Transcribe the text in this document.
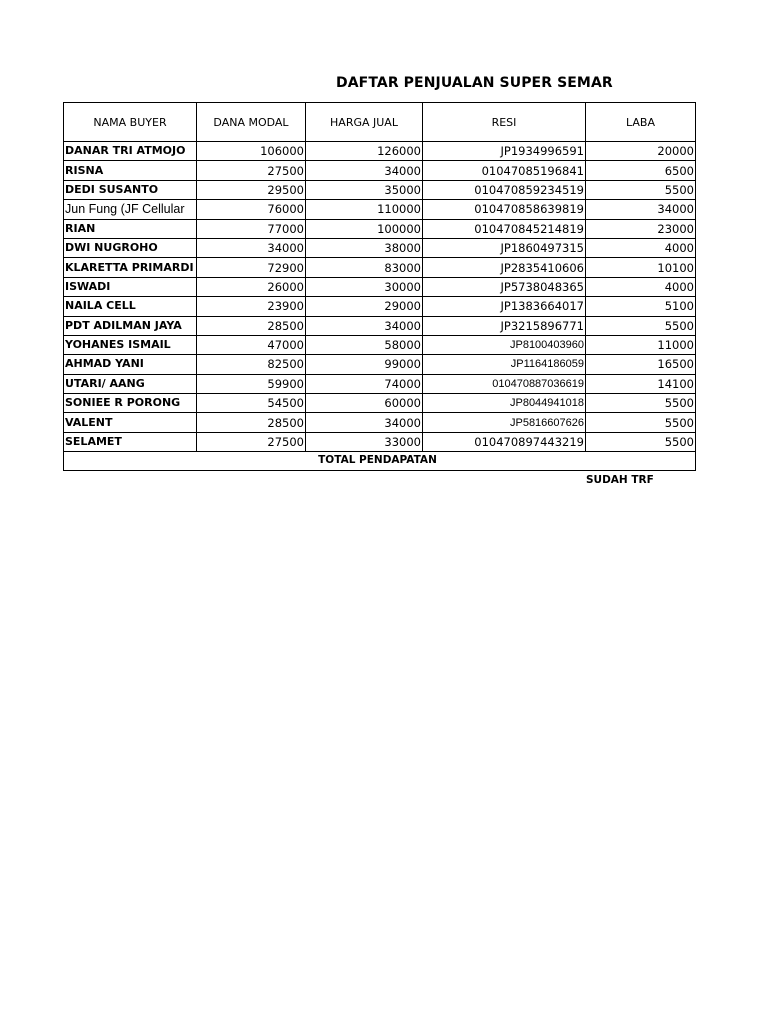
DAFTAR PENJUALAN SUPER SEMAR
NAMA BUYER	DANA MODAL	HARGA JUAL	RESI	LABA
DANAR TRI ATMOJO	106000	126000	JP1934996591	20000
RISNA	27500	34000	010470851968​41	6500
DEDI SUSANTO	29500	35000	010470859234519	5500
Jun Fung (JF Cellular	76000	110000	010470858639819	34000
RIAN	77000	100000	010470845214819	23000
DWI NUGROHO	34000	38000	JP1860497315	4000
KLARETTA PRIMARDI	72900	83000	JP2835410606	10100
ISWADI	26000	30000	JP5738048365	4000
NAILA CELL	23900	29000	JP1383664017	5100
PDT ADILMAN JAYA	28500	34000	JP3215896771	5500
YOHANES ISMAIL	47000	58000	JP8100403960	11000
AHMAD YANI	82500	99000	JP1164186059	16500
UTARI/ AANG	59900	74000	010470887036619	14100
SONIEE R PORONG	54500	60000	JP8044941018	5500
VALENT	28500	34000	JP5816607626	5500
SELAMET	27500	33000	010470897443219	5500
TOTAL PENDAPATAN				
SUDAH TRF
